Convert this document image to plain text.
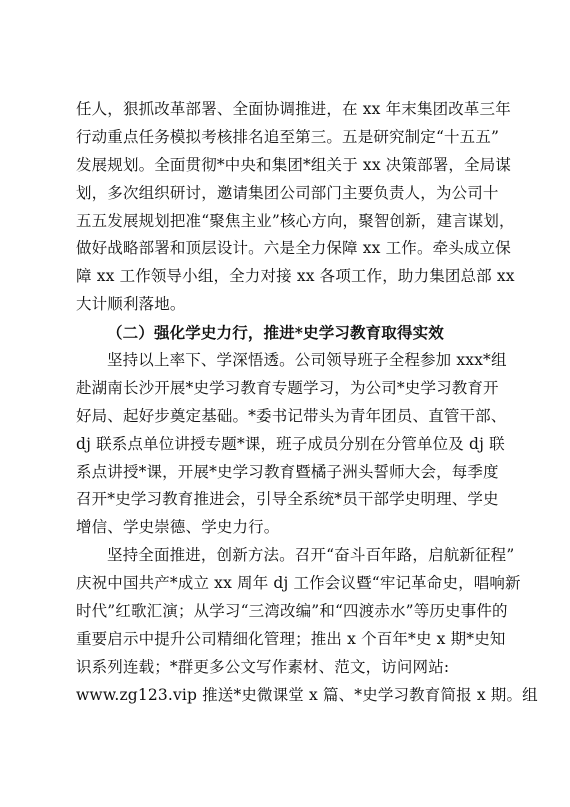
任人，狠抓改革部署、全面协调推进，在 xx 年末集团改革三年
行动重点任务模拟考核排名追至第三。五是研究制定“十五五”
发展规划。全面贯彻*中央和集团*组关于 xx 决策部署，全局谋
划，多次组织研讨，邀请集团公司部门主要负责人，为公司十
五五发展规划把准“聚焦主业”核心方向，聚智创新，建言谋划，
做好战略部署和顶层设计。六是全力保障 xx 工作。牵头成立保
障 xx 工作领导小组，全力对接 xx 各项工作，助力集团总部 xx
大计顺利落地。
（二）强化学史力行，推进*史学习教育取得实效
坚持以上率下、学深悟透。公司领导班子全程参加 xxx*组
赴湖南长沙开展*史学习教育专题学习，为公司*史学习教育开
好局、起好步奠定基础。*委书记带头为青年团员、直管干部、
dj 联系点单位讲授专题*课，班子成员分别在分管单位及 dj 联
系点讲授*课，开展*史学习教育暨橘子洲头誓师大会，每季度
召开*史学习教育推进会，引导全系统*员干部学史明理、学史
增信、学史崇德、学史力行。
坚持全面推进，创新方法。召开“奋斗百年路，启航新征程”
庆祝中国共产*成立 xx 周年 dj 工作会议暨“牢记革命史，唱响新
时代”红歌汇演；从学习“三湾改编”和“四渡赤水”等历史事件的
重要启示中提升公司精细化管理；推出 x 个百年*史 x 期*史知
识系列连载；*群更多公文写作素材、范文，访问网站:
www.zg123.vip 推送*史微课堂 x 篇、*史学习教育简报 x 期。组
